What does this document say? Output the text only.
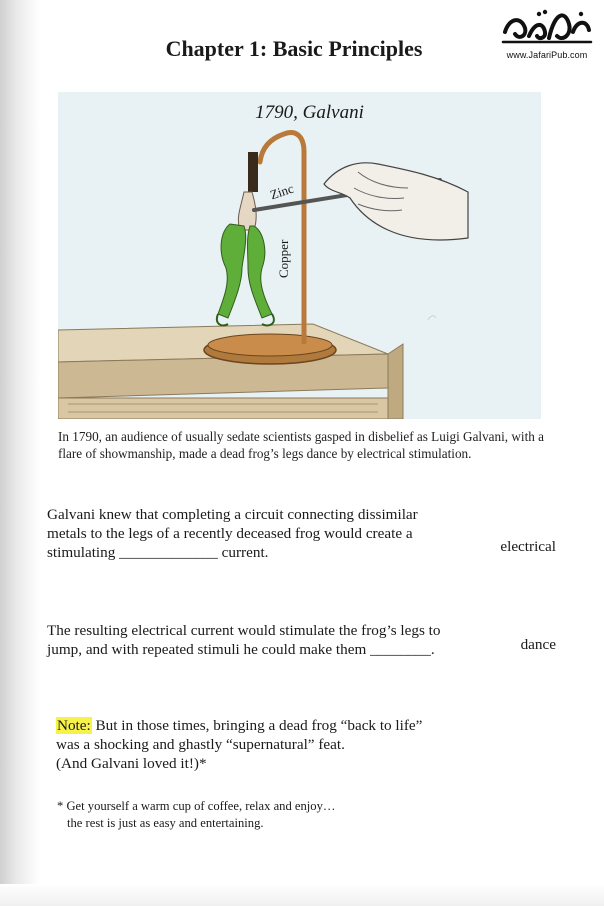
www.JafariPub.com
Chapter 1: Basic Principles
1790, Galvani
Zinc
Copper
In 1790, an audience of usually sedate scientists gasped in disbelief as Luigi Galvani, with a flare of showmanship, made a dead frog’s legs dance by electrical stimulation.
Galvani knew that completing a circuit connecting dissimilar metals to the legs of a recently deceased frog would create a stimulating _____________ current.	electrical
The resulting electrical current would stimulate the frog’s legs to jump, and with repeated stimuli he could make them ________.	dance
Note: But in those times, bringing a dead frog “back to life”
was a shocking and ghastly “supernatural” feat.
(And Galvani loved it!)*
* Get yourself a warm cup of coffee, relax and enjoy…
the rest is just as easy and entertaining.
